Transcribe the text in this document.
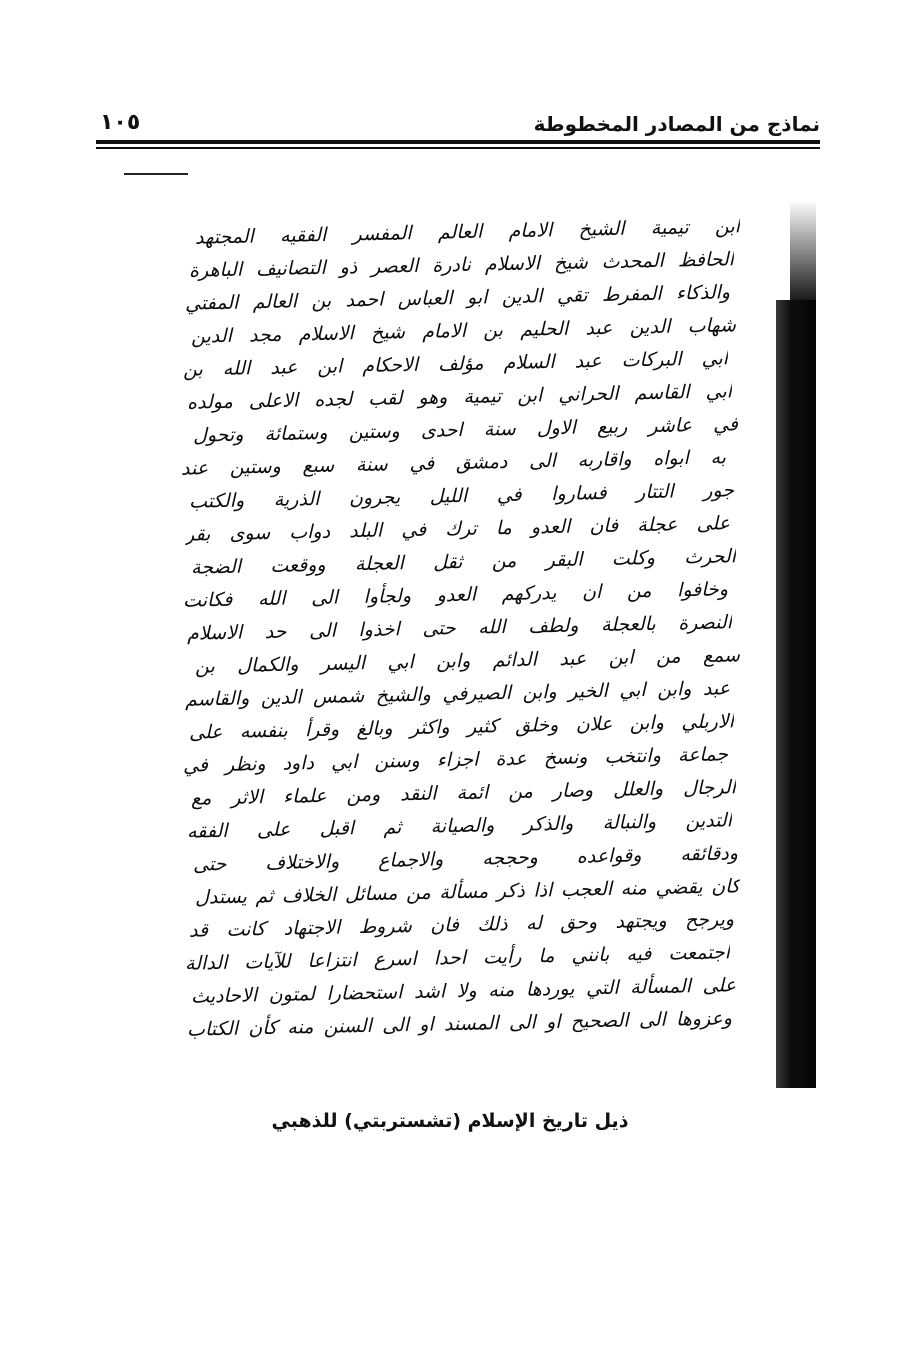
نماذج من المصادر المخطوطة
١٠٥
ابن تيمية الشيخ الامام العالم المفسر الفقيه المجتهد
الحافظ المحدث شيخ الاسلام نادرة العصر ذو التصانيف الباهرة
والذكاء المفرط تقي الدين ابو العباس احمد بن العالم المفتي
شهاب الدين عبد الحليم بن الامام شيخ الاسلام مجد الدين
ابي البركات عبد السلام مؤلف الاحكام ابن عبد الله بن
ابي القاسم الحراني ابن تيمية وهو لقب لجده الاعلى مولده
في عاشر ربيع الاول سنة احدى وستين وستمائة وتحول
به ابواه واقاربه الى دمشق في سنة سبع وستين عند
جور التتار فساروا في الليل يجرون الذرية والكتب
على عجلة فان العدو ما ترك في البلد دواب سوى بقر
الحرث وكلت البقر من ثقل العجلة ووقعت الضجة
وخافوا من ان يدركهم العدو ولجأوا الى الله فكانت
النصرة بالعجلة ولطف الله حتى اخذوا الى حد الاسلام
سمع من ابن عبد الدائم وابن ابي اليسر والكمال بن
عبد وابن ابي الخير وابن الصيرفي والشيخ شمس الدين والقاسم
الاربلي وابن علان وخلق كثير واكثر وبالغ وقرأ بنفسه على
جماعة وانتخب ونسخ عدة اجزاء وسنن ابي داود ونظر في
الرجال والعلل وصار من ائمة النقد ومن علماء الاثر مع
التدين والنبالة والذكر والصيانة ثم اقبل على الفقه
ودقائقه وقواعده وحججه والاجماع والاختلاف حتى
كان يقضي منه العجب اذا ذكر مسألة من مسائل الخلاف ثم يستدل
ويرجح ويجتهد وحق له ذلك فان شروط الاجتهاد كانت قد
اجتمعت فيه بانني ما رأيت احدا اسرع انتزاعا للآيات الدالة
على المسألة التي يوردها منه ولا اشد استحضارا لمتون الاحاديث
وعزوها الى الصحيح او الى المسند او الى السنن منه كأن الكتاب
ذيل تاريخ الإسلام (تشستربتي) للذهبي
